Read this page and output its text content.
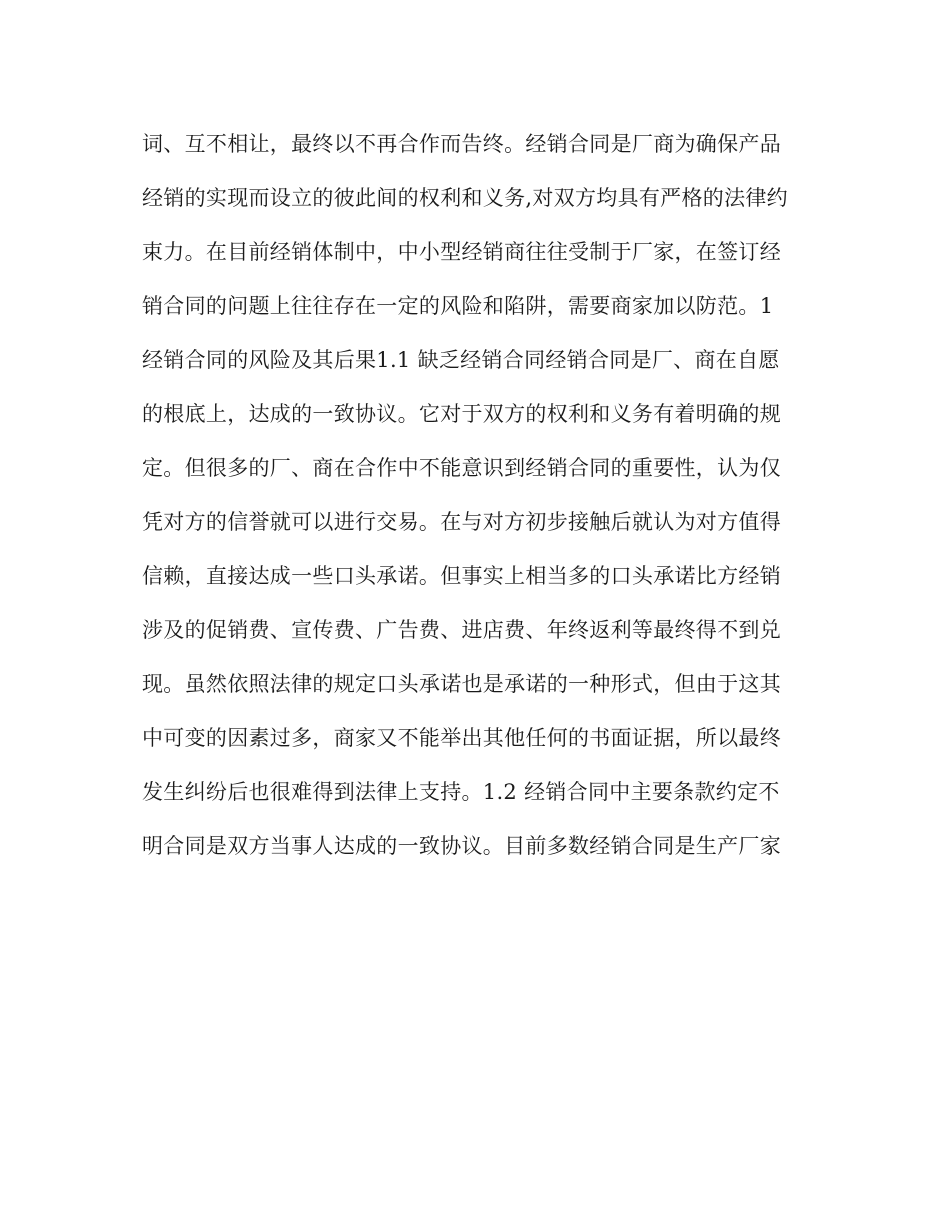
词、互不相让，最终以不再合作而告终。经销合同是厂商为确保产品
经销的实现而设立的彼此间的权利和义务,对双方均具有严格的法律约
束力。在目前经销体制中，中小型经销商往往受制于厂家，在签订经
销合同的问题上往往存在一定的风险和陷阱，需要商家加以防范。1
经销合同的风险及其后果1.1 缺乏经销合同经销合同是厂、商在自愿
的根底上，达成的一致协议。它对于双方的权利和义务有着明确的规
定。但很多的厂、商在合作中不能意识到经销合同的重要性，认为仅
凭对方的信誉就可以进行交易。在与对方初步接触后就认为对方值得
信赖，直接达成一些口头承诺。但事实上相当多的口头承诺比方经销
涉及的促销费、宣传费、广告费、进店费、年终返利等最终得不到兑
现。虽然依照法律的规定口头承诺也是承诺的一种形式，但由于这其
中可变的因素过多，商家又不能举出其他任何的书面证据，所以最终
发生纠纷后也很难得到法律上支持。1.2 经销合同中主要条款约定不
明合同是双方当事人达成的一致协议。目前多数经销合同是生产厂家
